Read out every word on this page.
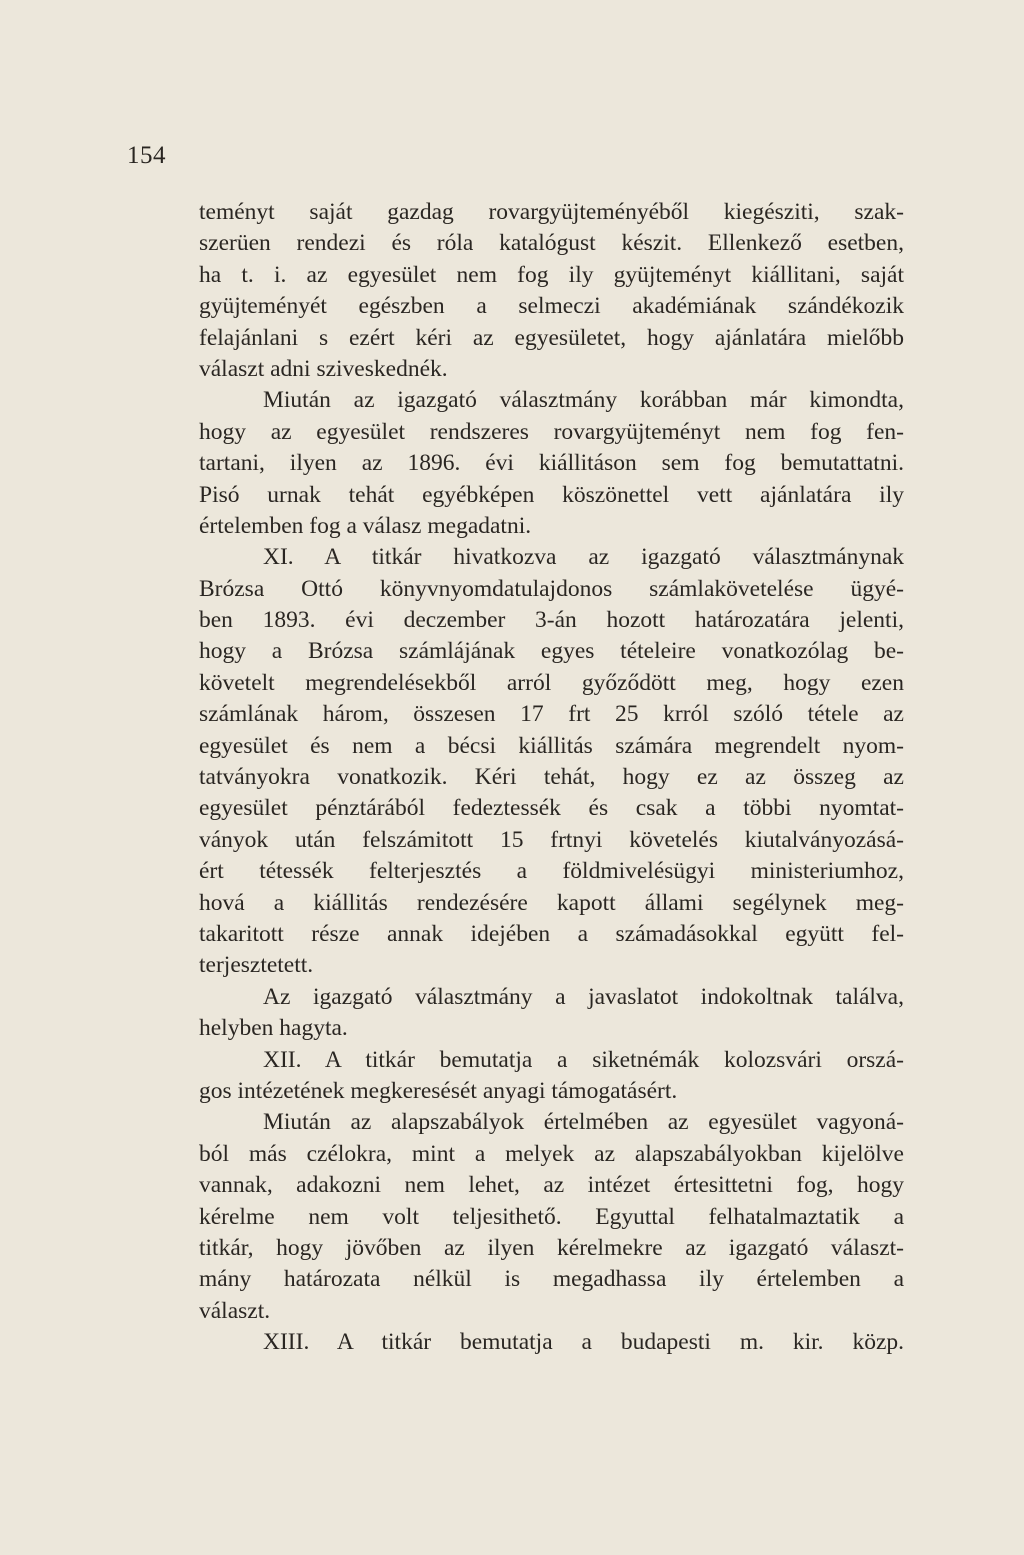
154
teményt saját gazdag rovargyüjteményéből kiegésziti, szak-
szerüen rendezi és róla katalógust készit. Ellenkező esetben,
ha t. i. az egyesület nem fog ily gyüjteményt kiállitani, saját
gyüjteményét egészben a selmeczi akadémiának szándékozik
felajánlani s ezért kéri az egyesületet, hogy ajánlatára mielőbb
választ adni sziveskednék.
Miután az igazgató választmány korábban már kimondta,
hogy az egyesület rendszeres rovargyüjteményt nem fog fen-
tartani, ilyen az 1896. évi kiállitáson sem fog bemutattatni.
Pisó urnak tehát egyébképen köszönettel vett ajánlatára ily
értelemben fog a válasz megadatni.
XI. A titkár hivatkozva az igazgató választmánynak
Brózsa Ottó könyvnyomdatulajdonos számlakövetelése ügyé-
ben 1893. évi deczember 3-án hozott határozatára jelenti,
hogy a Brózsa számlájának egyes tételeire vonatkozólag be-
követelt megrendelésekből arról győződött meg, hogy ezen
számlának három, összesen 17 frt 25 krról szóló tétele az
egyesület és nem a bécsi kiállitás számára megrendelt nyom-
tatványokra vonatkozik. Kéri tehát, hogy ez az összeg az
egyesület pénztárából fedeztessék és csak a többi nyomtat-
ványok után felszámitott 15 frtnyi követelés kiutalványozásá-
ért tétessék felterjesztés a földmivelésügyi ministeriumhoz,
hová a kiállitás rendezésére kapott állami segélynek meg-
takaritott része annak idejében a számadásokkal együtt fel-
terjesztetett.
Az igazgató választmány a javaslatot indokoltnak találva,
helyben hagyta.
XII. A titkár bemutatja a siketnémák kolozsvári orszá-
gos intézetének megkeresését anyagi támogatásért.
Miután az alapszabályok értelmében az egyesület vagyoná-
ból más czélokra, mint a melyek az alapszabályokban kijelölve
vannak, adakozni nem lehet, az intézet értesittetni fog, hogy
kérelme nem volt teljesithető. Egyuttal felhatalmaztatik a
titkár, hogy jövőben az ilyen kérelmekre az igazgató választ-
mány határozata nélkül is megadhassa ily értelemben a
választ.
XIII. A titkár bemutatja a budapesti m. kir. közp.
